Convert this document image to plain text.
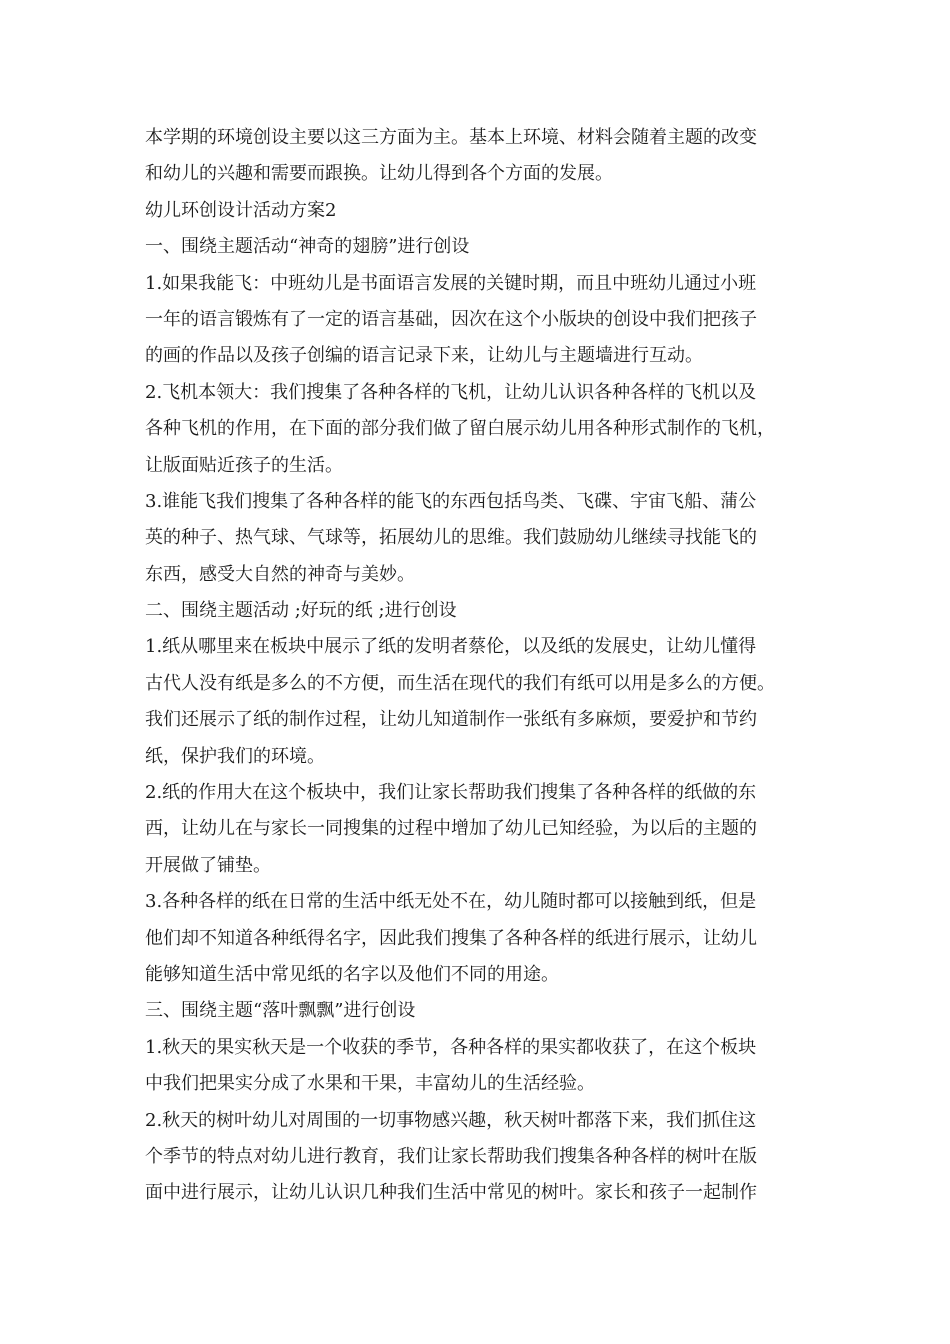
本学期的环境创设主要以这三方面为主。基本上环境、材料会随着主题的改变
和幼儿的兴趣和需要而跟换。让幼儿得到各个方面的发展。
幼儿环创设计活动方案2
一、围绕主题活动“神奇的翅膀”进行创设
1.如果我能飞：中班幼儿是书面语言发展的关键时期，而且中班幼儿通过小班
一年的语言锻炼有了一定的语言基础，因次在这个小版块的创设中我们把孩子
的画的作品以及孩子创编的语言记录下来，让幼儿与主题墙进行互动。
2.飞机本领大：我们搜集了各种各样的飞机，让幼儿认识各种各样的飞机以及
各种飞机的作用，在下面的部分我们做了留白展示幼儿用各种形式制作的飞机，
让版面贴近孩子的生活。
3.谁能飞我们搜集了各种各样的能飞的东西包括鸟类、飞碟、宇宙飞船、蒲公
英的种子、热气球、气球等，拓展幼儿的思维。我们鼓励幼儿继续寻找能飞的
东西，感受大自然的神奇与美妙。
二、围绕主题活动 ;好玩的纸 ;进行创设
1.纸从哪里来在板块中展示了纸的发明者蔡伦，以及纸的发展史，让幼儿懂得
古代人没有纸是多么的不方便，而生活在现代的我们有纸可以用是多么的方便。
我们还展示了纸的制作过程，让幼儿知道制作一张纸有多麻烦，要爱护和节约
纸，保护我们的环境。
2.纸的作用大在这个板块中，我们让家长帮助我们搜集了各种各样的纸做的东
西，让幼儿在与家长一同搜集的过程中增加了幼儿已知经验，为以后的主题的
开展做了铺垫。
3.各种各样的纸在日常的生活中纸无处不在，幼儿随时都可以接触到纸，但是
他们却不知道各种纸得名字，因此我们搜集了各种各样的纸进行展示，让幼儿
能够知道生活中常见纸的名字以及他们不同的用途。
三、围绕主题“落叶飘飘”进行创设
1.秋天的果实秋天是一个收获的季节，各种各样的果实都收获了，在这个板块
中我们把果实分成了水果和干果，丰富幼儿的生活经验。
2.秋天的树叶幼儿对周围的一切事物感兴趣，秋天树叶都落下来，我们抓住这
个季节的特点对幼儿进行教育，我们让家长帮助我们搜集各种各样的树叶在版
面中进行展示，让幼儿认识几种我们生活中常见的树叶。家长和孩子一起制作
